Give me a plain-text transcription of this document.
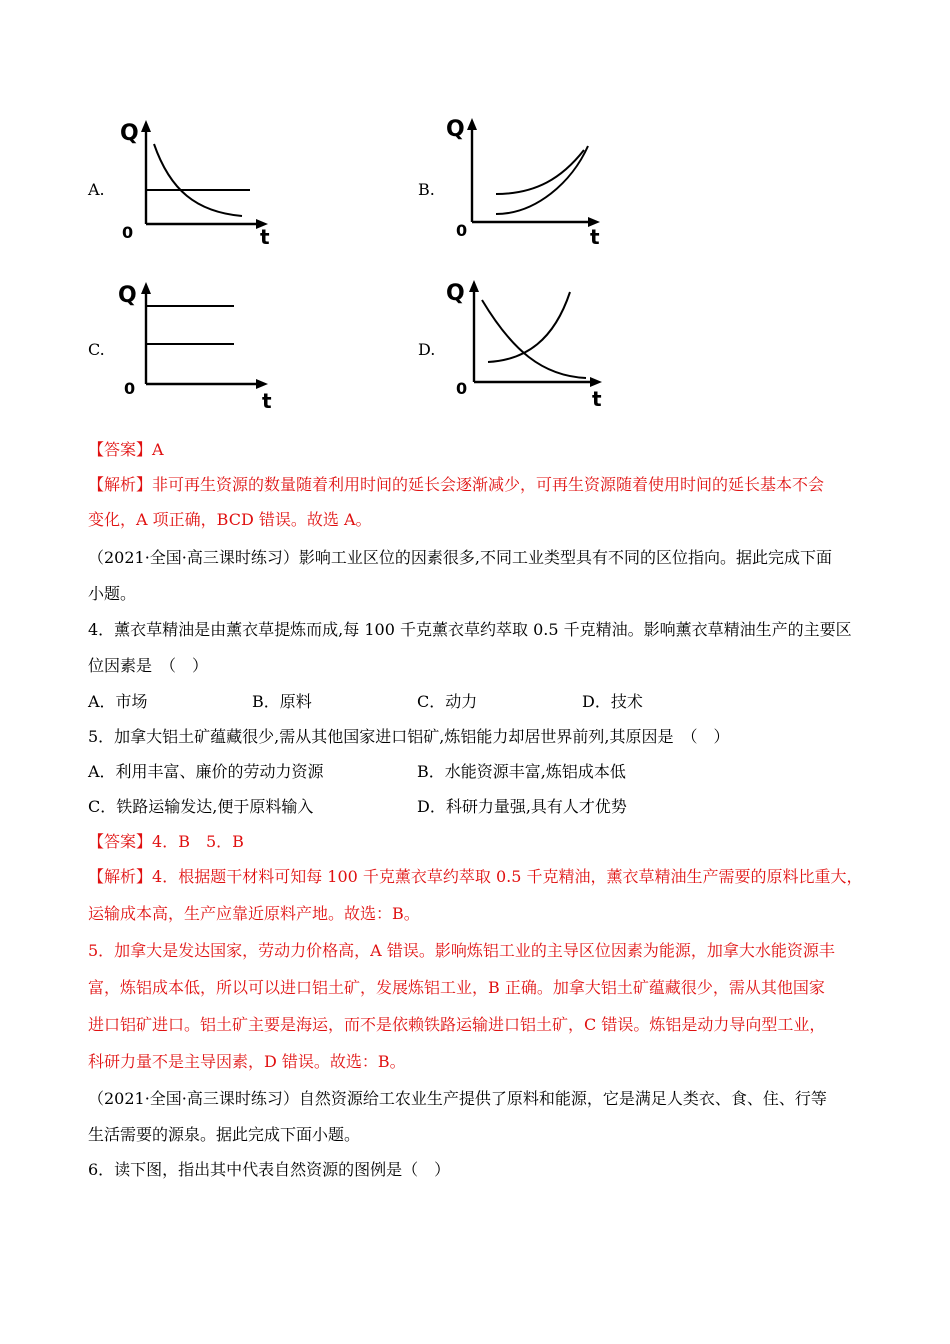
A.
Q
0	t
B.
Q
0	t
C.
Q
0
t
D.
Q
0	t
【答案】A
【解析】非可再生资源的数量随着利用时间的延长会逐渐减少，可再生资源随着使用时间的延长基本不会
变化，A 项正确，BCD 错误。故选 A。
（2021·全国·高三课时练习）影响工业区位的因素很多,不同工业类型具有不同的区位指向。据此完成下面
小题。
4．薰衣草精油是由薰衣草提炼而成,每 100 千克薰衣草约萃取 0.5 千克精油。影响薰衣草精油生产的主要区
位因素是　（　）
A．市场	B．原料	C．动力	D．技术
5．加拿大铝土矿蕴藏很少,需从其他国家进口铝矿,炼铝能力却居世界前列,其原因是　（　）
A．利用丰富、廉价的劳动力资源	B．水能资源丰富,炼铝成本低
C．铁路运输发达,便于原料输入	D．科研力量强,具有人才优势
【答案】4．B　5．B
【解析】4．根据题干材料可知每 100 千克薰衣草约萃取 0.5 千克精油，薰衣草精油生产需要的原料比重大，
运输成本高，生产应靠近原料产地。故选：B。
5．加拿大是发达国家，劳动力价格高，A 错误。影响炼铝工业的主导区位因素为能源，加拿大水能资源丰
富，炼铝成本低，所以可以进口铝土矿，发展炼铝工业，B 正确。加拿大铝土矿蕴藏很少，需从其他国家
进口铝矿进口。铝土矿主要是海运，而不是依赖铁路运输进口铝土矿，C 错误。炼铝是动力导向型工业，
科研力量不是主导因素，D 错误。故选：B。
（2021·全国·高三课时练习）自然资源给工农业生产提供了原料和能源，它是满足人类衣、食、住、行等
生活需要的源泉。据此完成下面小题。
6．读下图，指出其中代表自然资源的图例是（　）
